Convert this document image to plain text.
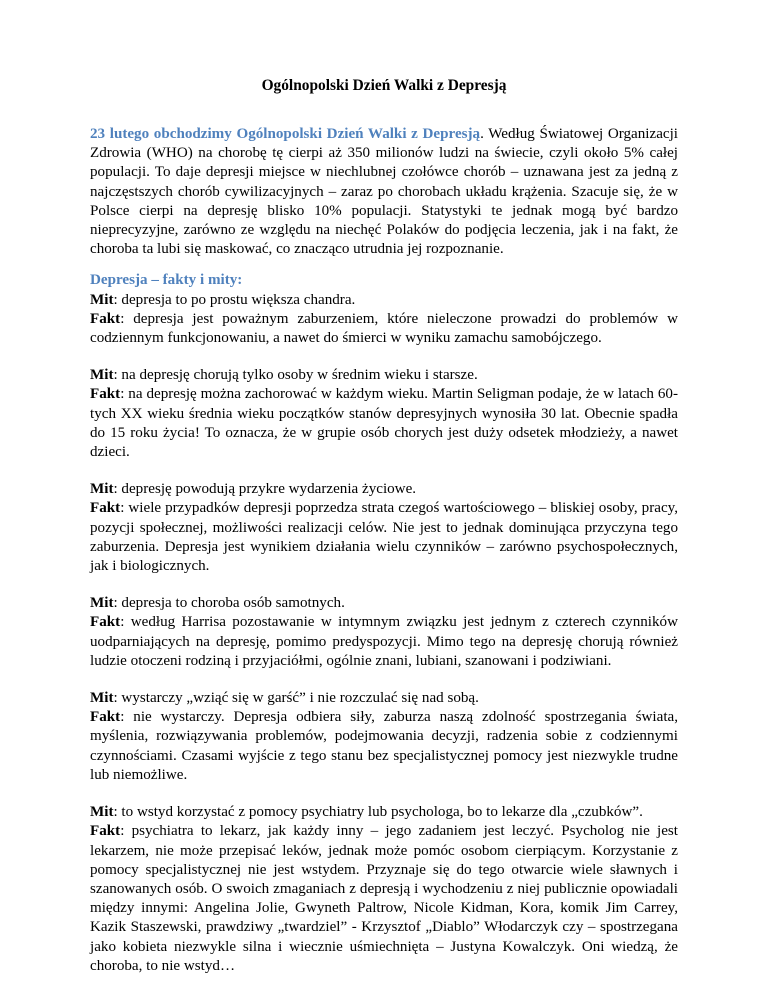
Ogólnopolski Dzień Walki z Depresją

23 lutego obchodzimy Ogólnopolski Dzień Walki z Depresją. Według Światowej Organizacji Zdrowia (WHO) na chorobę tę cierpi aż 350 milionów ludzi na świecie, czyli około 5% całej populacji. To daje depresji miejsce w niechlubnej czołówce chorób – uznawana jest za jedną z najczęstszych chorób cywilizacyjnych – zaraz po chorobach układu krążenia. Szacuje się, że w Polsce cierpi na depresję blisko 10% populacji. Statystyki te jednak mogą być bardzo nieprecyzyjne, zarówno ze względu na niechęć Polaków do podjęcia leczenia, jak i na fakt, że choroba ta lubi się maskować, co znacząco utrudnia jej rozpoznanie.

Depresja – fakty i mity:

Mit: depresja to po prostu większa chandra.

Fakt: depresja jest poważnym zaburzeniem, które nieleczone prowadzi do problemów w codziennym funkcjonowaniu, a nawet do śmierci w wyniku zamachu samobójczego.

Mit: na depresję chorują tylko osoby w średnim wieku i starsze.

Fakt: na depresję można zachorować w każdym wieku. Martin Seligman podaje, że w latach 60-tych XX wieku średnia wieku początków stanów depresyjnych wynosiła 30 lat. Obecnie spadła do 15 roku życia! To oznacza, że w grupie osób chorych jest duży odsetek młodzieży, a nawet dzieci.

Mit: depresję powodują przykre wydarzenia życiowe.

Fakt: wiele przypadków depresji poprzedza strata czegoś wartościowego – bliskiej osoby, pracy, pozycji społecznej, możliwości realizacji celów. Nie jest to jednak dominująca przyczyna tego zaburzenia. Depresja jest wynikiem działania wielu czynników – zarówno psychospołecznych, jak i biologicznych.

Mit: depresja to choroba osób samotnych.

Fakt: według Harrisa pozostawanie w intymnym związku jest jednym z czterech czynników uodparniających na depresję, pomimo predyspozycji. Mimo tego na depresję chorują również ludzie otoczeni rodziną i przyjaciółmi, ogólnie znani, lubiani, szanowani i podziwiani.

Mit: wystarczy „wziąć się w garść” i nie rozczulać się nad sobą.

Fakt: nie wystarczy. Depresja odbiera siły, zaburza naszą zdolność spostrzegania świata, myślenia, rozwiązywania problemów, podejmowania decyzji, radzenia sobie z codziennymi czynnościami. Czasami wyjście z tego stanu bez specjalistycznej pomocy jest niezwykle trudne lub niemożliwe.

Mit: to wstyd korzystać z pomocy psychiatry lub psychologa, bo to lekarze dla „czubków”.

Fakt: psychiatra to lekarz, jak każdy inny – jego zadaniem jest leczyć. Psycholog nie jest lekarzem, nie może przepisać leków, jednak może pomóc osobom cierpiącym. Korzystanie z pomocy specjalistycznej nie jest wstydem. Przyznaje się do tego otwarcie wiele sławnych i szanowanych osób. O swoich zmaganiach z depresją i wychodzeniu z niej publicznie opowiadali między innymi: Angelina Jolie, Gwyneth Paltrow, Nicole Kidman, Kora, komik Jim Carrey, Kazik Staszewski, prawdziwy „twardziel” - Krzysztof „Diablo” Włodarczyk czy – spostrzegana jako kobieta niezwykle silna i wiecznie uśmiechnięta – Justyna Kowalczyk. Oni wiedzą, że choroba, to nie wstyd…
